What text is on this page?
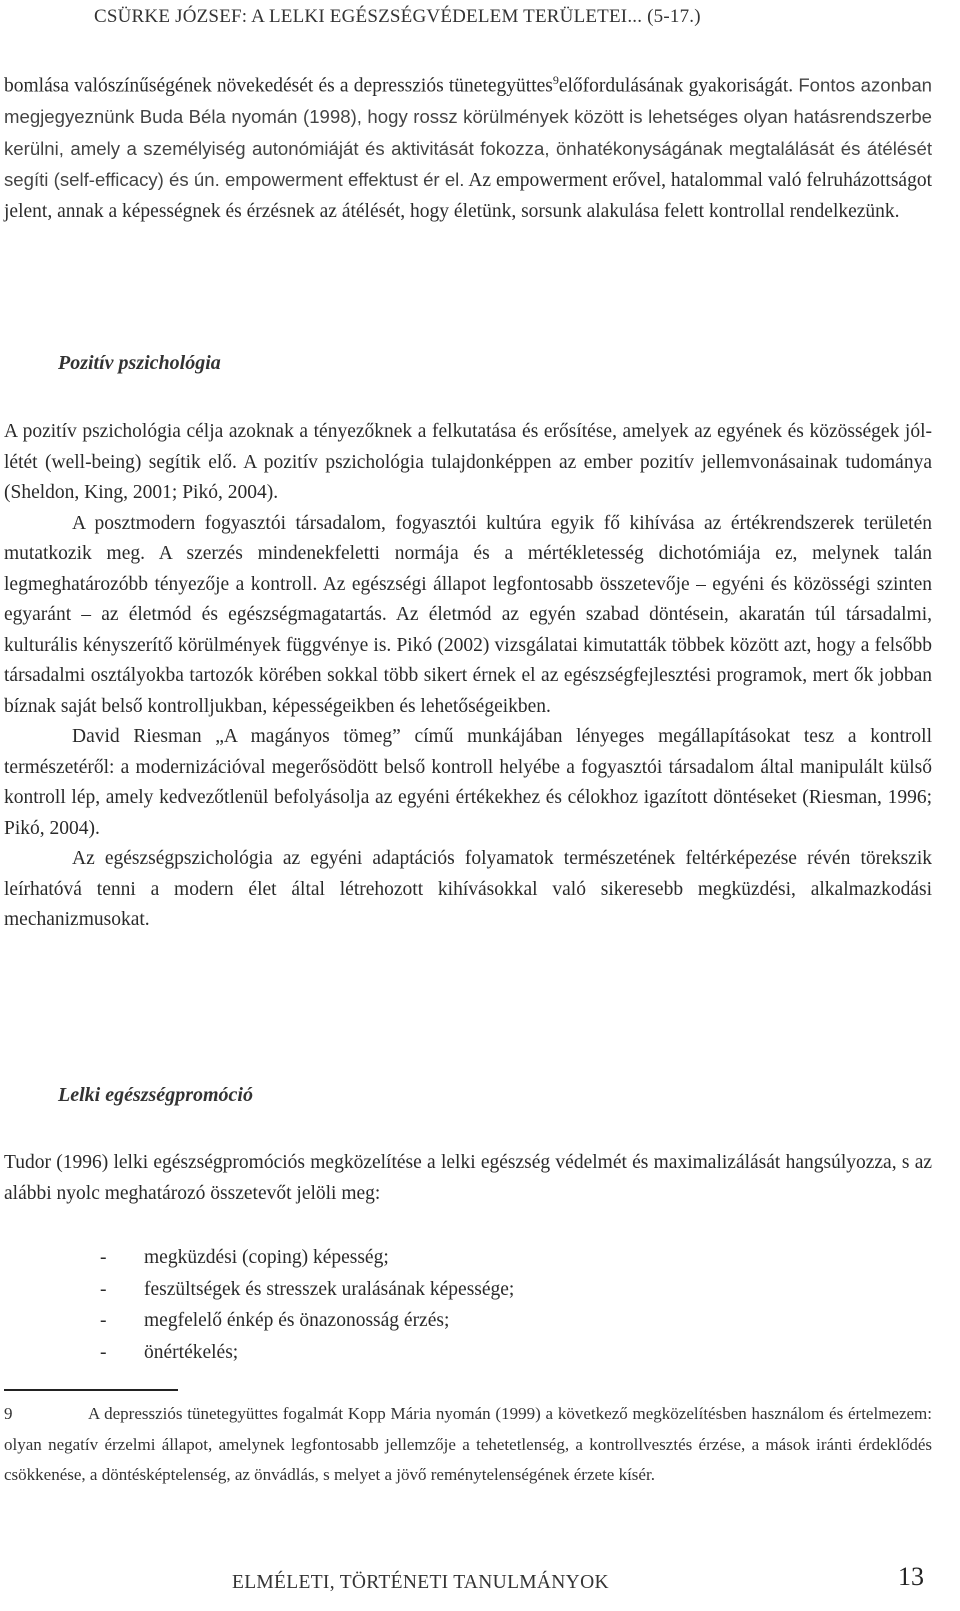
CSÜRKE JÓZSEF: A LELKI EGÉSZSÉGVÉDELEM TERÜLETEI... (5-17.)

bomlása valószínűségének növekedését és a depressziós tünetegyüttes$^9$előfordulásának gyakoriságát. Fontos azonban megjegyeznünk Buda Béla nyomán (1998), hogy rossz körülmények között is lehetséges olyan hatásrendszerbe kerülni, amely a személyiség autonómiáját és aktivitását fokozza, önhatékonyságának megtalálását és átélését segíti (self-efficacy) és ún. empowerment effektust ér el. Az empowerment erővel, hatalommal való felruházottságot jelent, annak a képességnek és érzésnek az átélését, hogy életünk, sorsunk alakulása felett kontrollal rendelkezünk.

Pozitív pszichológia

A pozitív pszichológia célja azoknak a tényezőknek a felkutatása és erősítése, amelyek az egyének és közösségek jól-létét (well-being) segítik elő. A pozitív pszichológia tulajdonképpen az ember pozitív jellemvonásainak tudománya (Sheldon, King, 2001; Pikó, 2004).

A posztmodern fogyasztói társadalom, fogyasztói kultúra egyik fő kihívása az értékrendszerek területén mutatkozik meg. A szerzés mindenekfeletti normája és a mértékletesség dichotómiája ez, melynek talán legmeghatározóbb tényezője a kontroll. Az egészségi állapot legfontosabb összetevője – egyéni és közösségi szinten egyaránt – az életmód és egészségmagatartás. Az életmód az egyén szabad döntésein, akaratán túl társadalmi, kulturális kényszerítő körülmények függvénye is. Pikó (2002) vizsgálatai kimutatták többek között azt, hogy a felsőbb társadalmi osztályokba tartozók körében sokkal több sikert érnek el az egészségfejlesztési programok, mert ők jobban bíznak saját belső kontrolljukban, képességeikben és lehetőségeikben.

David Riesman „A magányos tömeg” című munkájában lényeges megállapításokat tesz a kontroll természetéről: a modernizációval megerősödött belső kontroll helyébe a fogyasztói társadalom által manipulált külső kontroll lép, amely kedvezőtlenül befolyásolja az egyéni értékekhez és célokhoz igazított döntéseket (Riesman, 1996; Pikó, 2004).

Az egészségpszichológia az egyéni adaptációs folyamatok természetének feltérképezése révén törekszik leírhatóvá tenni a modern élet által létrehozott kihívásokkal való sikeresebb megküzdési, alkalmazkodási mechanizmusokat.

Lelki egészségpromóció

Tudor (1996) lelki egészségpromóciós megközelítése a lelki egészség védelmét és maximalizálását hangsúlyozza, s az alábbi nyolc meghatározó összetevőt jelöli meg:

- megküzdési (coping) képesség;
- feszültségek és stresszek uralásának képessége;
- megfelelő énkép és önazonosság érzés;
- önértékelés;
9	A depressziós tünetegyüttes fogalmát Kopp Mária nyomán (1999) a következő megközelítésben használom és értelmezem: olyan negatív érzelmi állapot, amelynek legfontosabb jellemzője a tehetetlenség, a kontrollvesztés érzése, a mások iránti érdeklődés csökkenése, a döntésképtelenség, az önvádlás, s melyet a jövő reménytelenségének érzete kísér.
ELMÉLETI, TÖRTÉNETI TANULMÁNYOK	13
